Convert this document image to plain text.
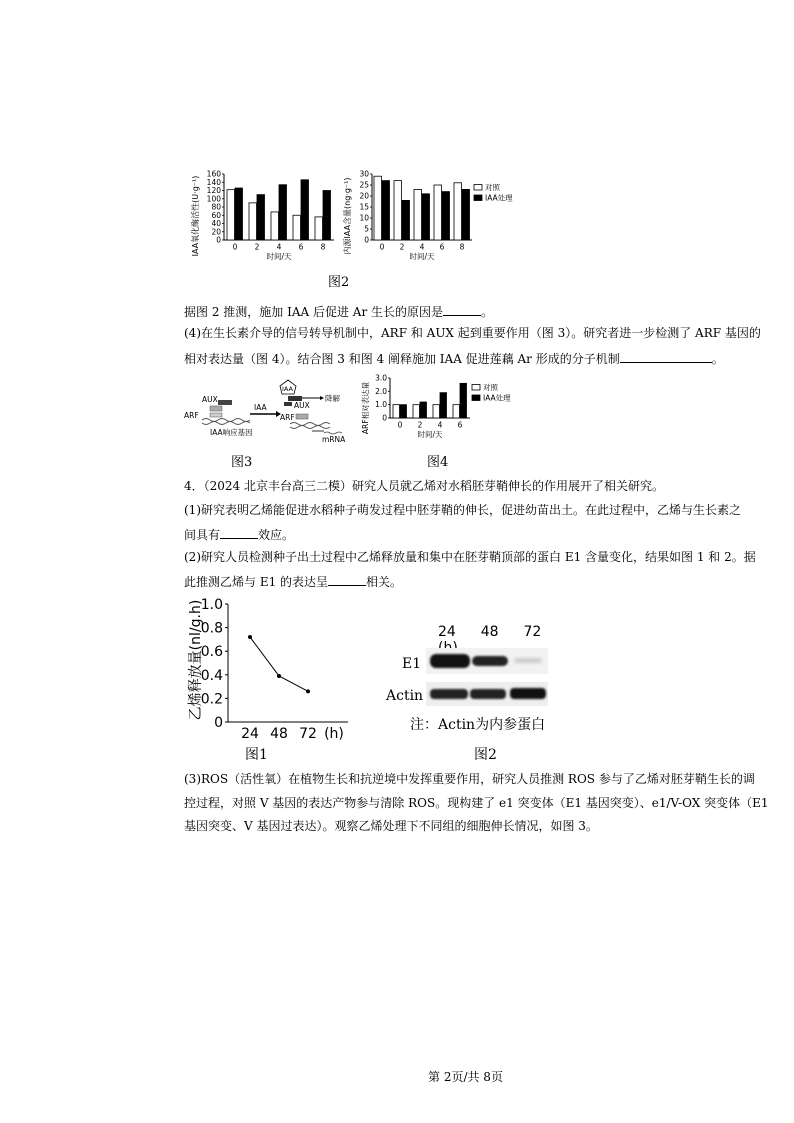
IAA氧化酶活性(U·g⁻¹) 0
20
40
60
80
100
120
140
160
0 2 4 6 8
时间/天
内源IAA含量(ng·g⁻¹) 0
5
10
15
20
25
30
0 2 4 6 8
时间/天
对照
IAA处理
图2
据图 2 推测，施加 IAA 后促进 Ar 生长的原因是	。
(4)在生长素介导的信号转导机制中，ARF 和 AUX 起到重要作用（图 3）。研究者进一步检测了 ARF 基因的
相对表达量（图 4）。结合图 3 和图 4 阐释施加 IAA 促进莲藕 Ar 形成的分子机制	。
AUX
ARF
IAA响应基因
IAA
IAA
降解
AUX
ARF
mRNA
图3
ARF相对表达量 0
1.0
2.0
3.0
0 2 4 6
时间/天
对照
IAA处理
图4
4．（2024 北京丰台高三二模）研究人员就乙烯对水稻胚芽鞘伸长的作用展开了相关研究。
(1)研究表明乙烯能促进水稻种子萌发过程中胚芽鞘的伸长，促进幼苗出土。在此过程中，乙烯与生长素之
间具有	效应。
(2)研究人员检测种子出土过程中乙烯释放量和集中在胚芽鞘顶部的蛋白 E1 含量变化，结果如图 1 和 2。据
此推测乙烯与 E1 的表达呈	相关。
乙烯释放量(nl/g.h)
0
0.2
0.4
0.6
0.8
1.0
24 48 72 (h)
图1
24 48 72
E1
Actin
注：Actin为内参蛋白
图2
(3)ROS（活性氧）在植物生长和抗逆境中发挥重要作用，研究人员推测 ROS 参与了乙烯对胚芽鞘生长的调
控过程，对照 V 基因的表达产物参与清除 ROS。现构建了 e1 突变体（E1 基因突变）、e1/V-OX 突变体（E1
基因突变、V 基因过表达）。观察乙烯处理下不同组的细胞伸长情况，如图 3。
第 2页/共 8页
